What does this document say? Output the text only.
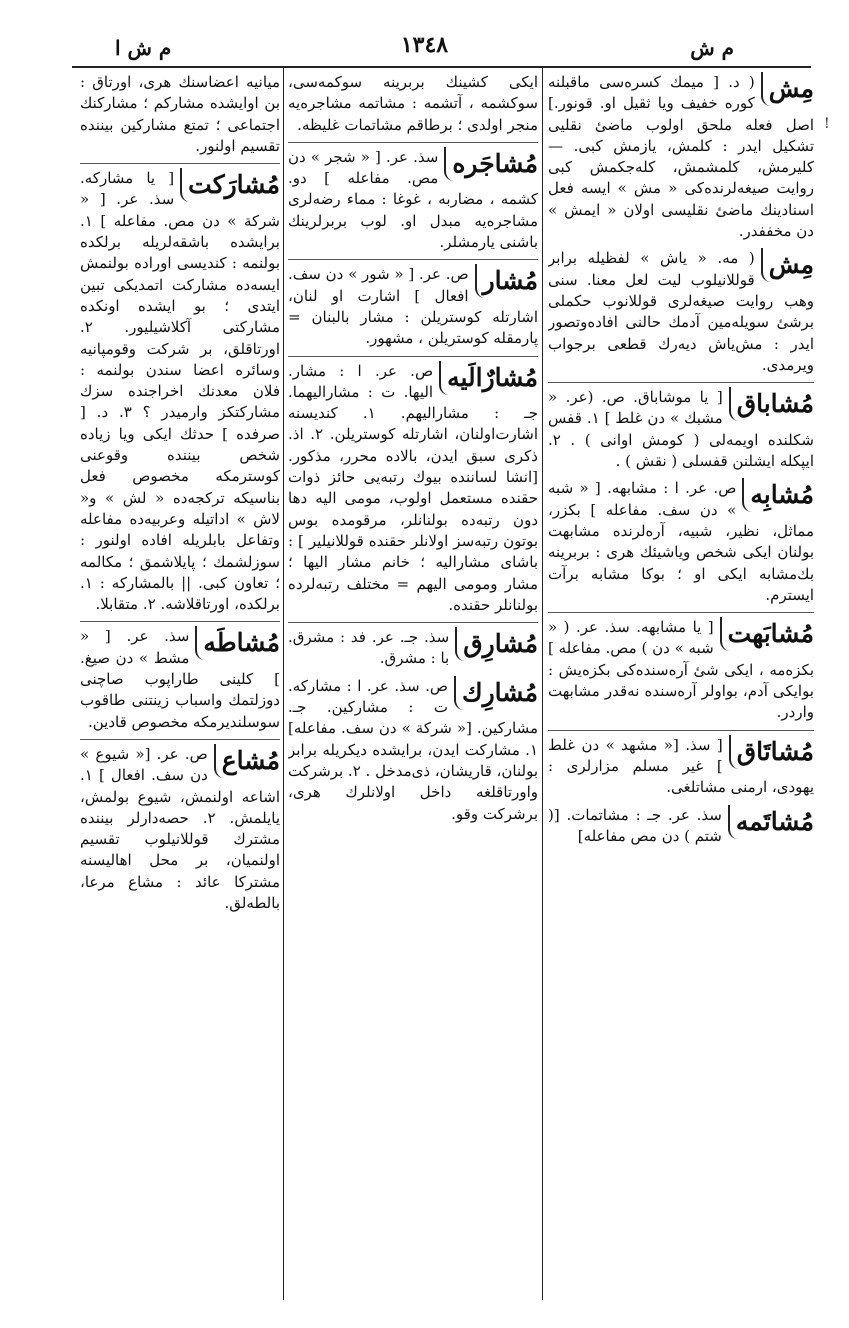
م ش ا	١٣٤٨	م ش
!
مِش
( د. [ میمك كسرەسی ماقبلنە كورە خفیف ویا ثقیل او. قونور.] اصل فعلە ملحق اولوب ماضیٔ نقلیی تشكیل ایدر : كلمش، یازمش كبی. — كلیرمش، كلمشمش، كلەجكمش كبی روایت صیغەلرندەكی « مش » ایسە فعل اسنادینك ماضیٔ نقلیسی اولان « ایمش » دن مخففدر.
مِش
( مە. « یاش » لفظیلە برابر قوللانیلوب لیت لعل معنا. سنی وهب روایت صیغەلری قوللانوب حكملی برشیٔ سویلەمین آدمك حالنی افادەوتصور ایدر : مش‌یاش دیەرك قطعی برجواب ویرمدی.
مُشاباق
[ یا موشاباق. ص. (عر. « مشبك » دن غلط ] ١. قفس شكلندە اویمەلی ( كومش اوانی ) . ٢. ایپكلە ایشلنن قفسلی ( نقش ) .
مُشابِه
ص. عر. ا : مشابهە. [ « شبه » دن سف. مفاعلە ] بكزر، مماثل، نظیر، شبیه، آرەلرندە مشابهت بولنان ایكی شخص ویاشیئك هرى : بربرینە بك‌مشابە ایكی او ؛ بوكا مشابە برآت ایسترم.
مُشابَهت
[ یا مشابهە. سذ. عر. ( « شبه » دن ) مص. مفاعلە ] بكزەمە ، ایكی شیٔ آرەسندەكی بكزەیش : بوایكی آدم، بواولر آرەسندە نەقدر مشابهت واردر.
مُشاتَاق
[ سذ. [« مشهد » دن غلط ] غیر مسلم مزارلری : یهودی، ارمنی مشاتلغی.
مُشاتَمە
سذ. عر. جـ : مشاتمات. [( شتم ) دن مص مفاعلە]
ایكی كشینك بربرینە سوكمەسی، سوكشمە ، آتشمە : مشاتمە مشاجرەیە منجر اولدی ؛ برطاقم مشاتمات غلیظە.
مُشاجَرە
سذ. عر. [ « شجر » دن مص. مفاعلە ] دو. كشمە ، مضاربە ، غوغا : مماء رضەلری مشاجرەیە مبدل او. لوب بربرلرینك باشنی یارمشلر.
مُشار
ص. عر. [ « شور » دن سف. افعال ] اشارت او لنان، اشارتلە كوستریلن : مشار بالبنان = پارمقلە كوستریلن ، مشهور.
مُشارٌالَیه
ص. عر. ا : مشار. الیها. ت : مشارالیهما. جـ : مشارالیهم. ١. كندیسنە اشارت‌اولنان، اشارتلە كوستریلن. ٢. اذ. ذكری سبق ایدن، بالادە محرر، مذكور. [انشا لسانندە بیوك رتبەیی حائز ذوات حقندە مستعمل اولوب، مومی الیە دها دون رتبەدە بولنانلر، مرقومدە بوس بوتون رتبەسز اولانلر حقندە قوللانیلیر ] : باشای مشارالیە ؛ خانم مشار الیها ؛ مشار ومومی الیهم = مختلف رتبەلردە بولنانلر حقندە.
مُشارِق
سذ. جـ. عر. فد : مشرق. با : مشرق.
مُشارِك
ص. سذ. عر. ا : مشاركە. ت : مشارکین. جـ. مشاركین. [« شركة » دن سف. مفاعلە] ١. مشاركت ایدن، برایشدە دیكریلە برابر بولنان، قاریشان، ذی‌مدخل . ٢. برشركت واورتاقلغە داخل اولانلرك هرى، برشركت وقو.
میانیە اعضاسنك هرى، اورتاق : بن اوایشدە مشاركم ؛ مشاركنك اجتماعی ؛ تمتع مشاركین بیننده تقسیم اولنور.
مُشارَكت
[ یا مشاركە. سذ. عر. [ « شركة » دن مص. مفاعلە ] ١. برایشدە باشقەلریلە برلكدە بولنمە : كندیسی اورادە بولنمش ایسەدە مشاركت اتمدیكی تبین ایتدی ؛ بو ایشدە اونكدە مشاركتی آكلاشیلیور. ٢. اورتاقلق، بر شركت وقومپانیە وسائرە اعضا سندن بولنمە : فلان معدنك اخراجندە سزك مشاركتكز وارمیدر ؟ ٣. د. [ صرفدە ] حدثك ایكی ویا زیادە شخص بیننده وقوعنی كوسترمكە مخصوص فعل بناسیكە تركجەدە « لش » و« لاش » اداتیلە وعربیەدە مفاعلە وتفاعل بابلریلە افادە اولنور : سوزلشمك ؛ پایلاشمق ؛ مكالمە ؛ تعاون كبی. || بالمشاركە : ١. برلكدە، اورتاقلاشە. ٢. متقابلا.
مُشاطَه
سذ. عر. [ « مشط » دن صیغ. ] كلینی طاراپوب صاچنی دوزلتمك واسباب زینتنی طاقوب سوسلندیرمكە مخصوص قادین.
مُشاع
ص. عر. [« شیوع » دن سف. افعال ] ١. اشاعە اولنمش، شیوع بولمش، یایلمش. ٢. حصەدارلر بیننده مشترك قوللانیلوب تقسیم اولنمیان، بر محل اهالیسنە مشتركا عائد : مشاع مرعا، بالطەلق.
